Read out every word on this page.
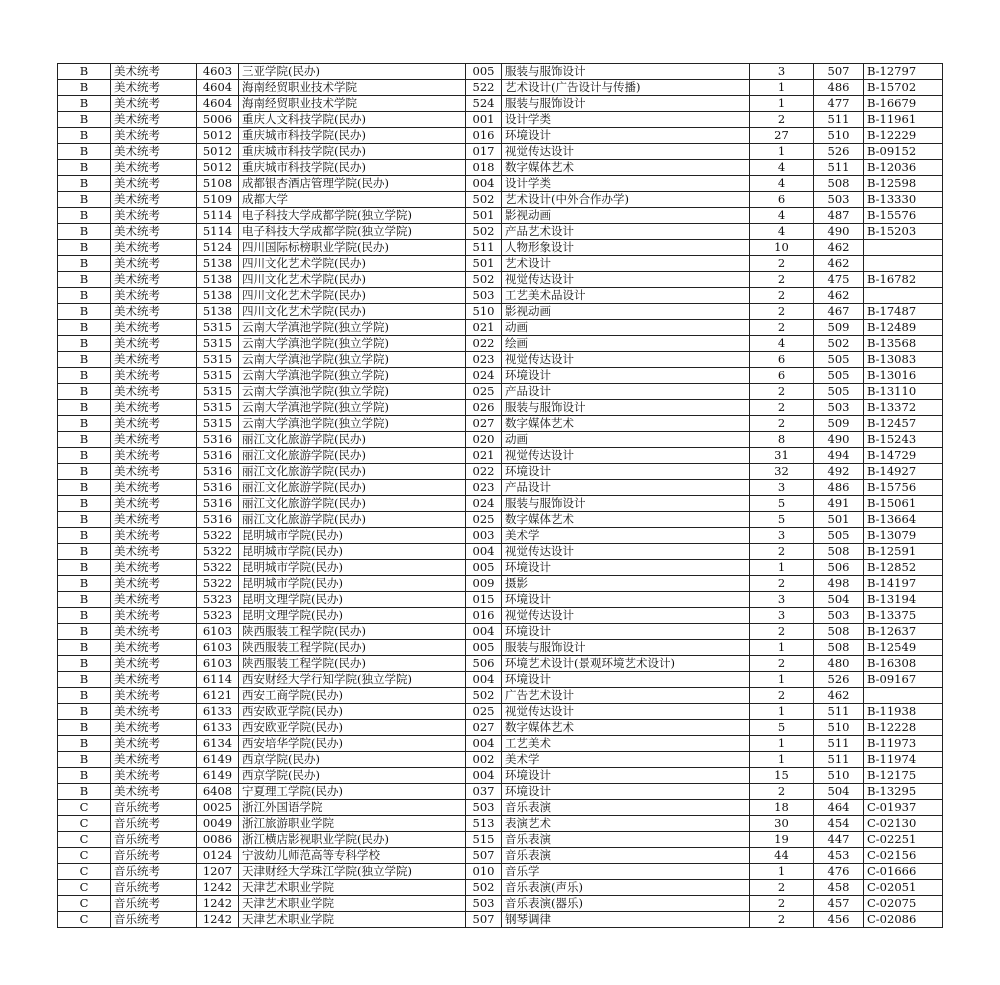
B	美术统考	4603	三亚学院(民办)	005	服装与服饰设计	3	507	B-12797
B	美术统考	4604	海南经贸职业技术学院	522	艺术设计(广告设计与传播)	1	486	B-15702
B	美术统考	4604	海南经贸职业技术学院	524	服装与服饰设计	1	477	B-16679
B	美术统考	5006	重庆人文科技学院(民办)	001	设计学类	2	511	B-11961
B	美术统考	5012	重庆城市科技学院(民办)	016	环境设计	27	510	B-12229
B	美术统考	5012	重庆城市科技学院(民办)	017	视觉传达设计	1	526	B-09152
B	美术统考	5012	重庆城市科技学院(民办)	018	数字媒体艺术	4	511	B-12036
B	美术统考	5108	成都银杏酒店管理学院(民办)	004	设计学类	4	508	B-12598
B	美术统考	5109	成都大学	502	艺术设计(中外合作办学)	6	503	B-13330
B	美术统考	5114	电子科技大学成都学院(独立学院)	501	影视动画	4	487	B-15576
B	美术统考	5114	电子科技大学成都学院(独立学院)	502	产品艺术设计	4	490	B-15203
B	美术统考	5124	四川国际标榜职业学院(民办)	511	人物形象设计	10	462	
B	美术统考	5138	四川文化艺术学院(民办)	501	艺术设计	2	462	
B	美术统考	5138	四川文化艺术学院(民办)	502	视觉传达设计	2	475	B-16782
B	美术统考	5138	四川文化艺术学院(民办)	503	工艺美术品设计	2	462	
B	美术统考	5138	四川文化艺术学院(民办)	510	影视动画	2	467	B-17487
B	美术统考	5315	云南大学滇池学院(独立学院)	021	动画	2	509	B-12489
B	美术统考	5315	云南大学滇池学院(独立学院)	022	绘画	4	502	B-13568
B	美术统考	5315	云南大学滇池学院(独立学院)	023	视觉传达设计	6	505	B-13083
B	美术统考	5315	云南大学滇池学院(独立学院)	024	环境设计	6	505	B-13016
B	美术统考	5315	云南大学滇池学院(独立学院)	025	产品设计	2	505	B-13110
B	美术统考	5315	云南大学滇池学院(独立学院)	026	服装与服饰设计	2	503	B-13372
B	美术统考	5315	云南大学滇池学院(独立学院)	027	数字媒体艺术	2	509	B-12457
B	美术统考	5316	丽江文化旅游学院(民办)	020	动画	8	490	B-15243
B	美术统考	5316	丽江文化旅游学院(民办)	021	视觉传达设计	31	494	B-14729
B	美术统考	5316	丽江文化旅游学院(民办)	022	环境设计	32	492	B-14927
B	美术统考	5316	丽江文化旅游学院(民办)	023	产品设计	3	486	B-15756
B	美术统考	5316	丽江文化旅游学院(民办)	024	服装与服饰设计	5	491	B-15061
B	美术统考	5316	丽江文化旅游学院(民办)	025	数字媒体艺术	5	501	B-13664
B	美术统考	5322	昆明城市学院(民办)	003	美术学	3	505	B-13079
B	美术统考	5322	昆明城市学院(民办)	004	视觉传达设计	2	508	B-12591
B	美术统考	5322	昆明城市学院(民办)	005	环境设计	1	506	B-12852
B	美术统考	5322	昆明城市学院(民办)	009	摄影	2	498	B-14197
B	美术统考	5323	昆明文理学院(民办)	015	环境设计	3	504	B-13194
B	美术统考	5323	昆明文理学院(民办)	016	视觉传达设计	3	503	B-13375
B	美术统考	6103	陕西服装工程学院(民办)	004	环境设计	2	508	B-12637
B	美术统考	6103	陕西服装工程学院(民办)	005	服装与服饰设计	1	508	B-12549
B	美术统考	6103	陕西服装工程学院(民办)	506	环境艺术设计(景观环境艺术设计)	2	480	B-16308
B	美术统考	6114	西安财经大学行知学院(独立学院)	004	环境设计	1	526	B-09167
B	美术统考	6121	西安工商学院(民办)	502	广告艺术设计	2	462	
B	美术统考	6133	西安欧亚学院(民办)	025	视觉传达设计	1	511	B-11938
B	美术统考	6133	西安欧亚学院(民办)	027	数字媒体艺术	5	510	B-12228
B	美术统考	6134	西安培华学院(民办)	004	工艺美术	1	511	B-11973
B	美术统考	6149	西京学院(民办)	002	美术学	1	511	B-11974
B	美术统考	6149	西京学院(民办)	004	环境设计	15	510	B-12175
B	美术统考	6408	宁夏理工学院(民办)	037	环境设计	2	504	B-13295
C	音乐统考	0025	浙江外国语学院	503	音乐表演	18	464	C-01937
C	音乐统考	0049	浙江旅游职业学院	513	表演艺术	30	454	C-02130
C	音乐统考	0086	浙江横店影视职业学院(民办)	515	音乐表演	19	447	C-02251
C	音乐统考	0124	宁波幼儿师范高等专科学校	507	音乐表演	44	453	C-02156
C	音乐统考	1207	天津财经大学珠江学院(独立学院)	010	音乐学	1	476	C-01666
C	音乐统考	1242	天津艺术职业学院	502	音乐表演(声乐)	2	458	C-02051
C	音乐统考	1242	天津艺术职业学院	503	音乐表演(器乐)	2	457	C-02075
C	音乐统考	1242	天津艺术职业学院	507	钢琴调律	2	456	C-02086
